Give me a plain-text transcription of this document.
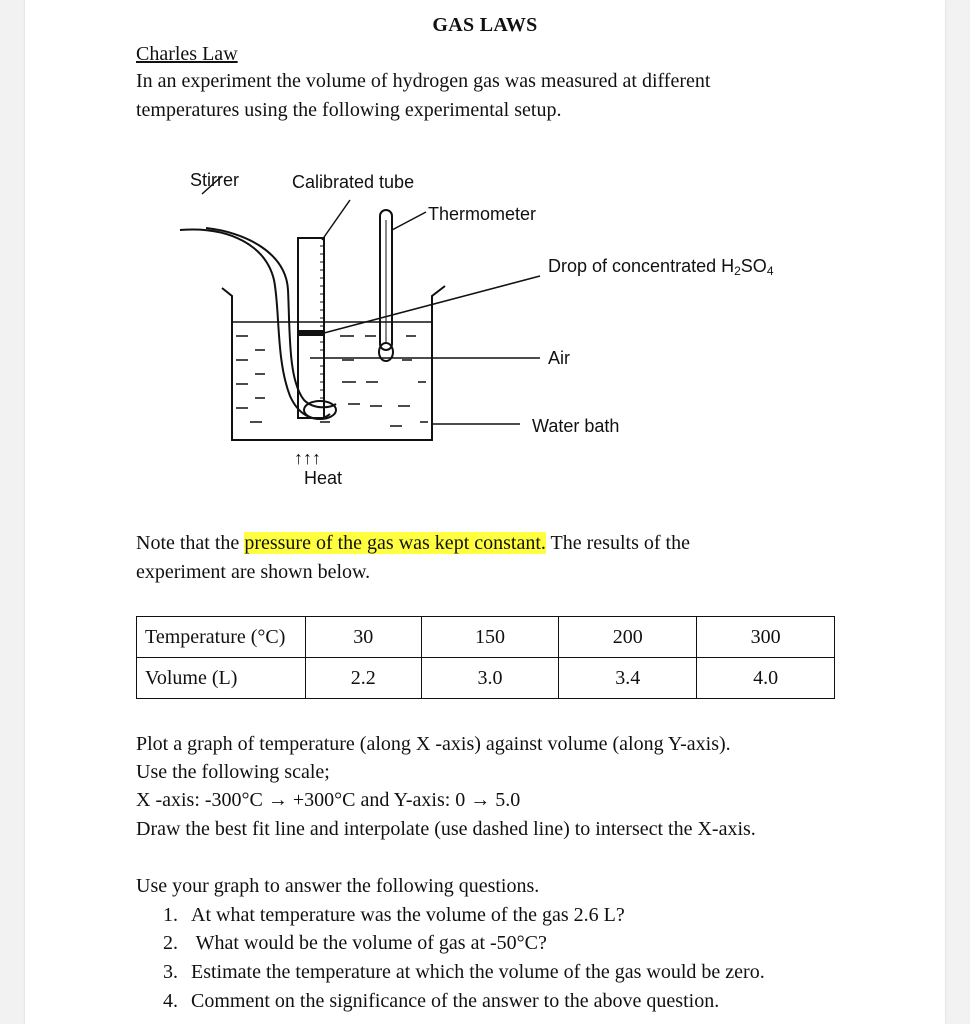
GAS LAWS
Charles Law
In an experiment the volume of hydrogen gas was measured at different
temperatures using the following experimental setup.
Stirrer	Calibrated tube
Thermometer
Drop of concentrated H2SO4
Air
Water bath
↑↑↑
Heat
Note that the pressure of the gas was kept constant. The results of the
experiment are shown below.
Temperature (°C)	30	150	200	300
Volume (L)	2.2	3.0	3.4	4.0
Plot a graph of temperature (along X -axis) against volume (along Y-axis).
Use the following scale;
X -axis: -300°C → +300°C and Y-axis: 0 → 5.0
Draw the best fit line and interpolate (use dashed line) to intersect the X-axis.
Use your graph to answer the following questions.
1. At what temperature was the volume of the gas 2.6 L?
2. What would be the volume of gas at -50°C?
3. Estimate the temperature at which the volume of the gas would be zero.
4. Comment on the significance of the answer to the above question.
